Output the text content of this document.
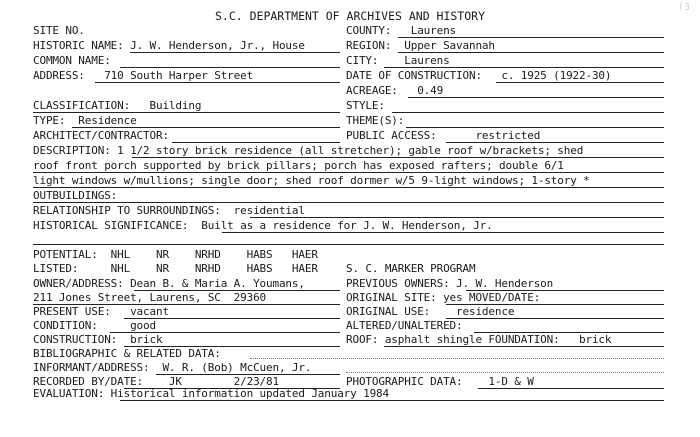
(3
S.C. DEPARTMENT OF ARCHIVES AND HISTORY
SITE NO.	COUNTY:   Laurens
HISTORIC NAME: J. W. Henderson, Jr., House	REGION:  Upper Savannah
COMMON NAME:	CITY:    Laurens
ADDRESS:   710 South Harper Street	DATE OF CONSTRUCTION:   c. 1925 (1922-30)
ACREAGE:   0.49
CLASSIFICATION:   Building	STYLE:
TYPE:  Residence	THEME(S):
ARCHITECT/CONTRACTOR:	PUBLIC ACCESS:      restricted
DESCRIPTION: 1 1/2 story brick residence (all stretcher); gable roof w/brackets; shed
roof front porch supported by brick pillars; porch has exposed rafters; double 6/1
light windows w/mullions; single door; shed roof dormer w/5 9-light windows; 1-story *
OUTBUILDINGS:
RELATIONSHIP TO SURROUNDINGS:  residential
HISTORICAL SIGNIFICANCE:  Built as a residence for J. W. Henderson, Jr.
POTENTIAL:  NHL    NR    NRHD    HABS   HAER
LISTED:     NHL    NR    NRHD    HABS   HAER	S. C. MARKER PROGRAM
OWNER/ADDRESS: Dean B. & Maria A. Youmans,	PREVIOUS OWNERS: J. W. Henderson
211 Jones Street, Laurens, SC  29360	ORIGINAL SITE: yes MOVED/DATE:
PRESENT USE:   vacant	ORIGINAL USE:    residence
CONDITION:     good	ALTERED/UNALTERED:
CONSTRUCTION:  brick	ROOF: asphalt shingle FOUNDATION:   brick
BIBLIOGRAPHIC & RELATED DATA:
INFORMANT/ADDRESS:  W. R. (Bob) McCuen, Jr.
RECORDED BY/DATE:    JK        2/23/81	PHOTOGRAPHIC DATA:    1-D & W
EVALUATION: Historical information updated January 1984
